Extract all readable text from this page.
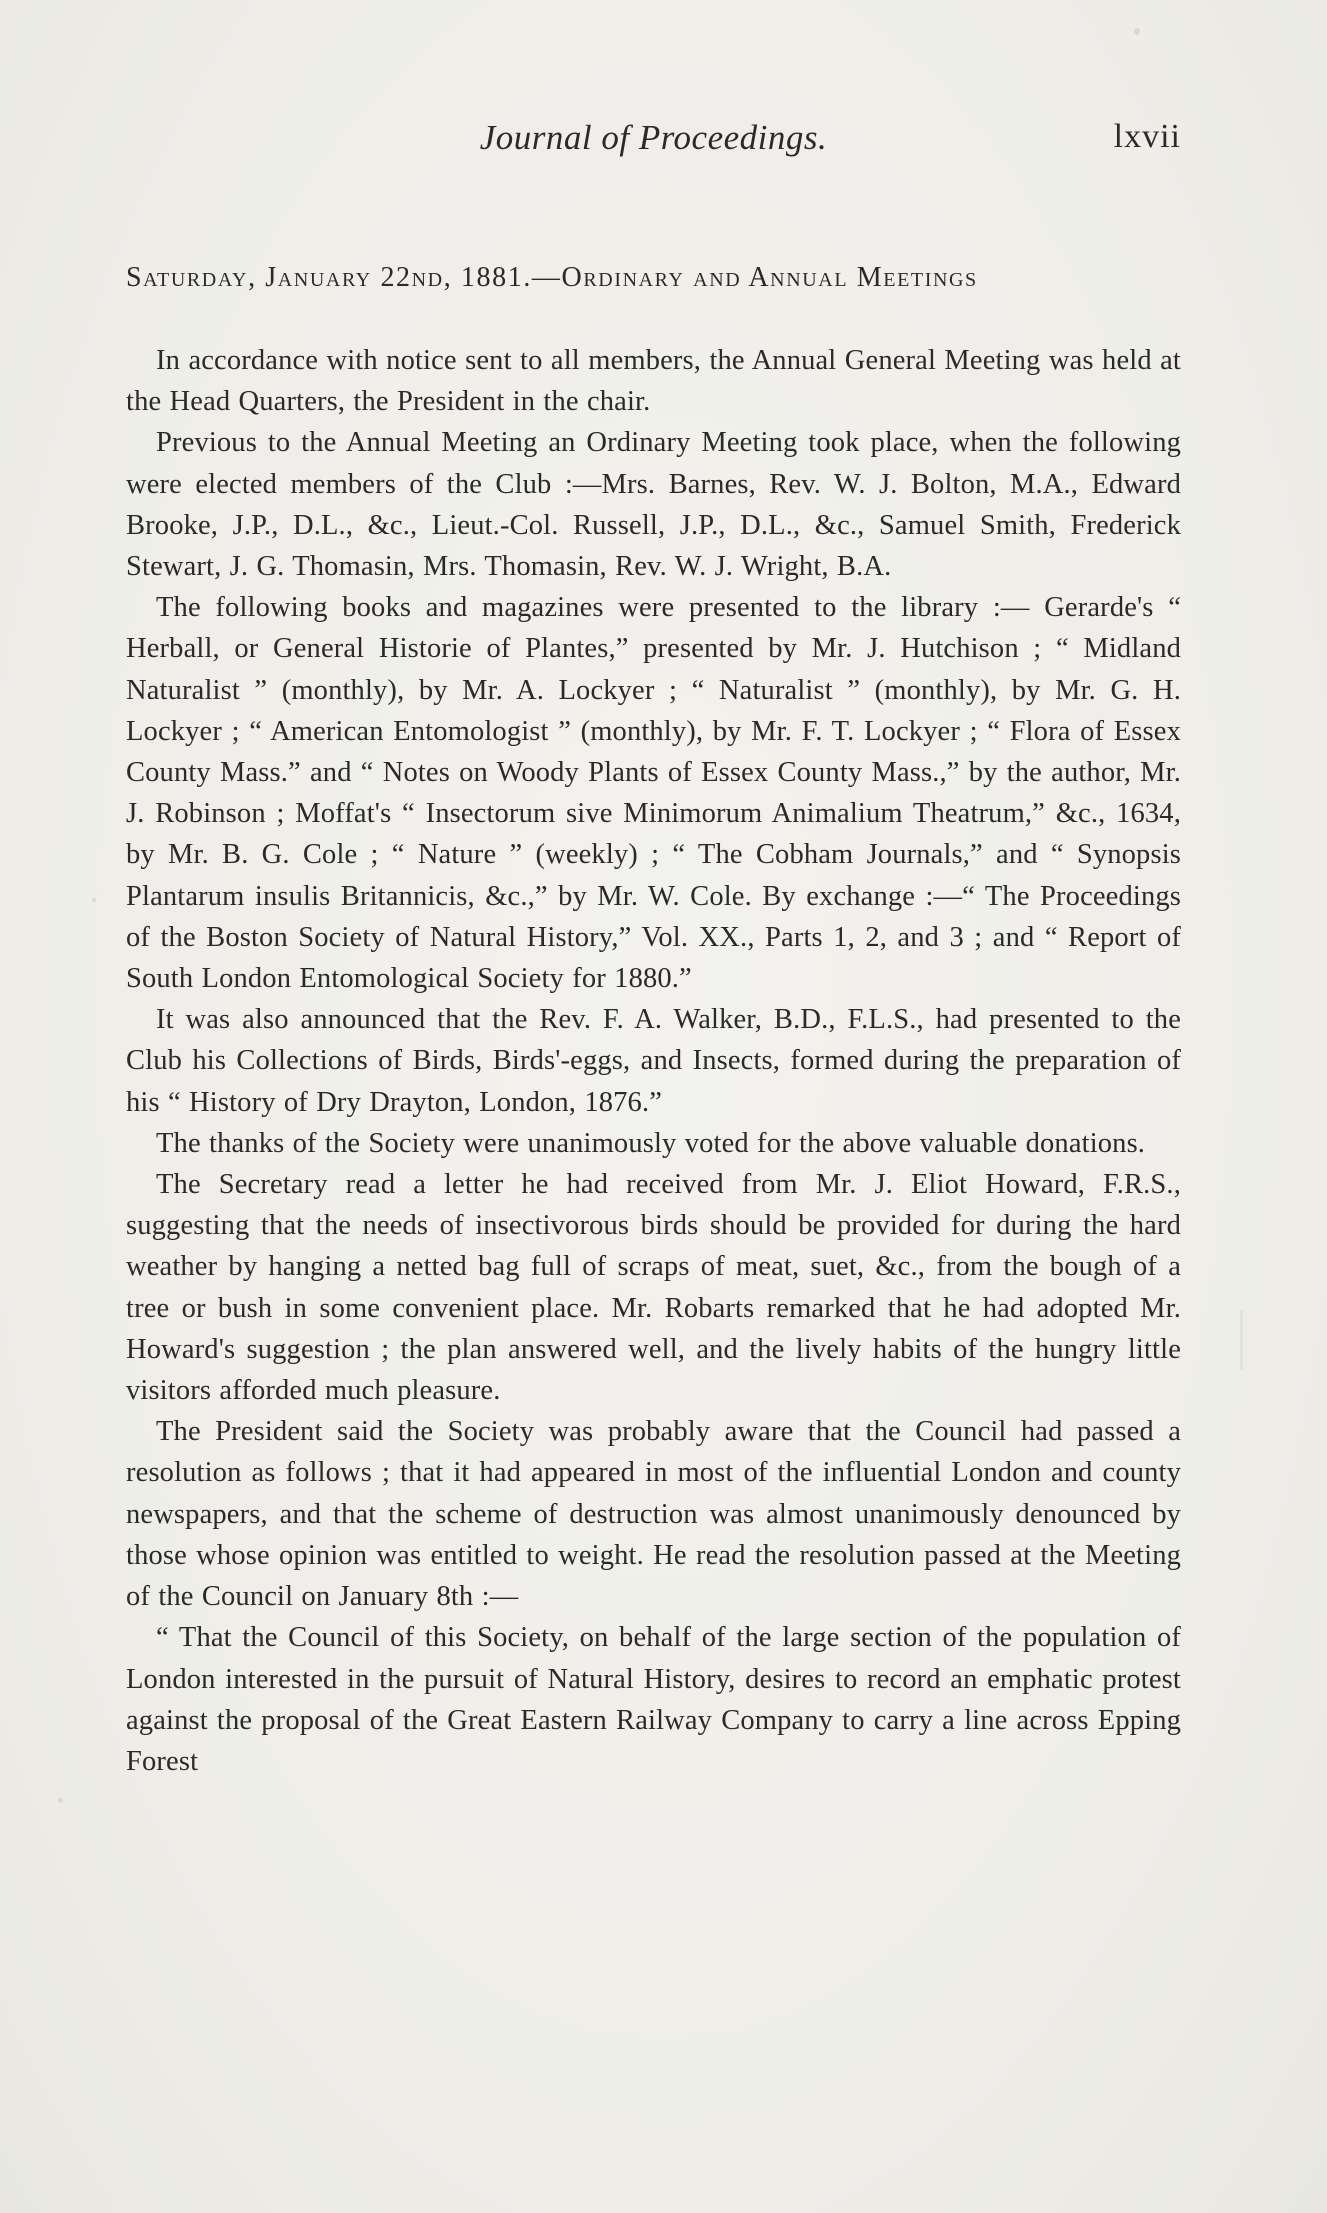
Journal of Proceedings.	lxvii
Saturday, January 22nd, 1881.—Ordinary and Annual Meetings

In accordance with notice sent to all members, the Annual General Meeting was held at the Head Quarters, the President in the chair.

Previous to the Annual Meeting an Ordinary Meeting took place, when the following were elected members of the Club :—Mrs. Barnes, Rev. W. J. Bolton, M.A., Edward Brooke, J.P., D.L., &c., Lieut.-Col. Russell, J.P., D.L., &c., Samuel Smith, Frederick Stewart, J. G. Thomasin, Mrs. Thomasin, Rev. W. J. Wright, B.A.

The following books and magazines were presented to the library :— Gerarde's “ Herball, or General Historie of Plantes,” presented by Mr. J. Hutchison ; “ Midland Naturalist ” (monthly), by Mr. A. Lockyer ; “ Naturalist ” (monthly), by Mr. G. H. Lockyer ; “ American Entomologist ” (monthly), by Mr. F. T. Lockyer ; “ Flora of Essex County Mass.” and “ Notes on Woody Plants of Essex County Mass.,” by the author, Mr. J. Robinson ; Moffat's “ Insectorum sive Minimorum Animalium Theatrum,” &c., 1634, by Mr. B. G. Cole ; “ Nature ” (weekly) ; “ The Cobham Journals,” and “ Synopsis Plantarum insulis Britannicis, &c.,” by Mr. W. Cole. By exchange :—“ The Proceedings of the Boston Society of Natural History,” Vol. XX., Parts 1, 2, and 3 ; and “ Report of South London Entomological Society for 1880.”

It was also announced that the Rev. F. A. Walker, B.D., F.L.S., had presented to the Club his Collections of Birds, Birds'-eggs, and Insects, formed during the preparation of his “ History of Dry Drayton, London, 1876.”

The thanks of the Society were unanimously voted for the above valuable donations.

The Secretary read a letter he had received from Mr. J. Eliot Howard, F.R.S., suggesting that the needs of insectivorous birds should be provided for during the hard weather by hanging a netted bag full of scraps of meat, suet, &c., from the bough of a tree or bush in some convenient place. Mr. Robarts remarked that he had adopted Mr. Howard's suggestion ; the plan answered well, and the lively habits of the hungry little visitors afforded much pleasure.

The President said the Society was probably aware that the Council had passed a resolution as follows ; that it had appeared in most of the influential London and county newspapers, and that the scheme of destruction was almost unanimously denounced by those whose opinion was entitled to weight. He read the resolution passed at the Meeting of the Council on January 8th :—

“ That the Council of this Society, on behalf of the large section of the population of London interested in the pursuit of Natural History, desires to record an emphatic protest against the proposal of the Great Eastern Railway Company to carry a line across Epping Forest
